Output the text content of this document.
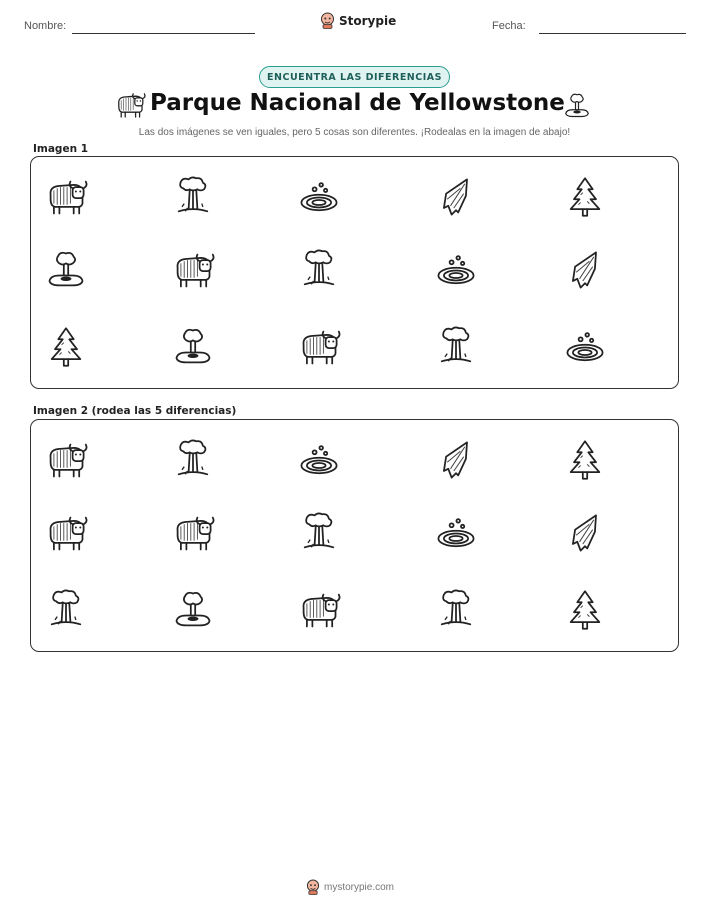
Nombre:	Storypie	Fecha:
ENCUENTRA LAS DIFERENCIAS
Parque Nacional de Yellowstone
Las dos imágenes se ven iguales, pero 5 cosas son diferentes. ¡Rodealas en la imagen de abajo!
Imagen 1
Imagen 2 (rodea las 5 diferencias)
mystorypie.com
